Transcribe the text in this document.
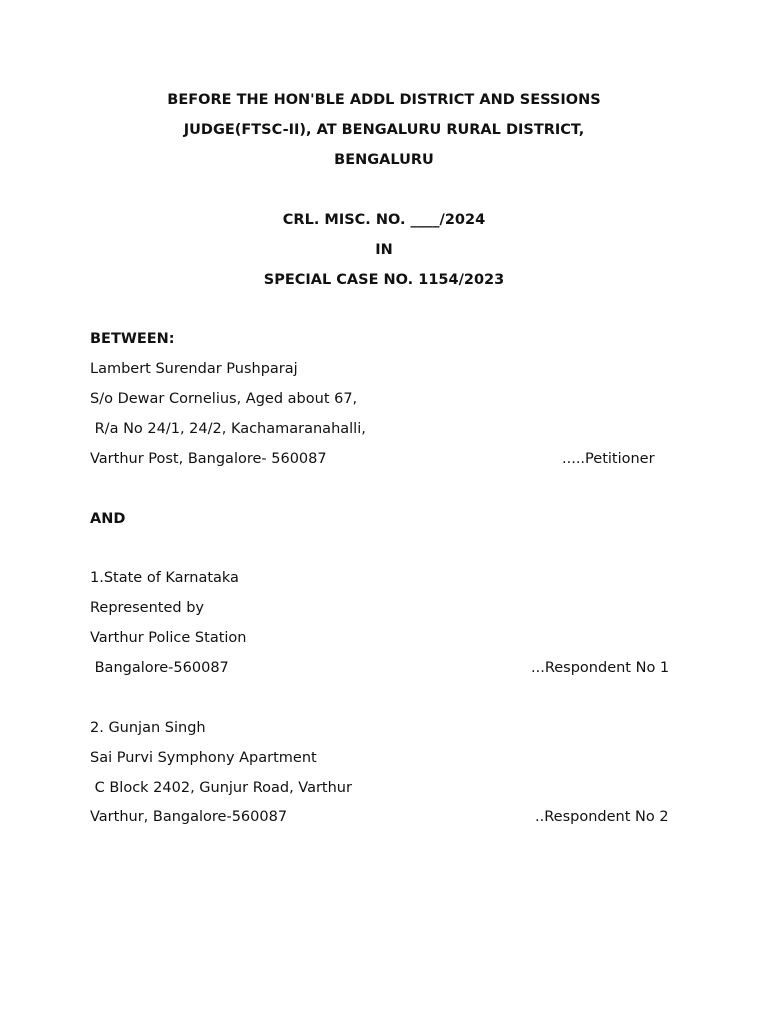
BEFORE THE HON'BLE ADDL DISTRICT AND SESSIONS
JUDGE(FTSC-II), AT BENGALURU RURAL DISTRICT,
BENGALURU
CRL. MISC. NO. ____/2024
IN
SPECIAL CASE NO. 1154/2023
BETWEEN:
Lambert Surendar Pushparaj
S/o Dewar Cornelius, Aged about 67,
R/a No 24/1, 24/2, Kachamaranahalli,
Varthur Post, Bangalore- 560087	.....Petitioner
AND
1.State of Karnataka
Represented by
Varthur Police Station
Bangalore-560087	...Respondent No 1
2. Gunjan Singh
Sai Purvi Symphony Apartment
C Block 2402, Gunjur Road, Varthur
Varthur, Bangalore-560087	..Respondent No 2
